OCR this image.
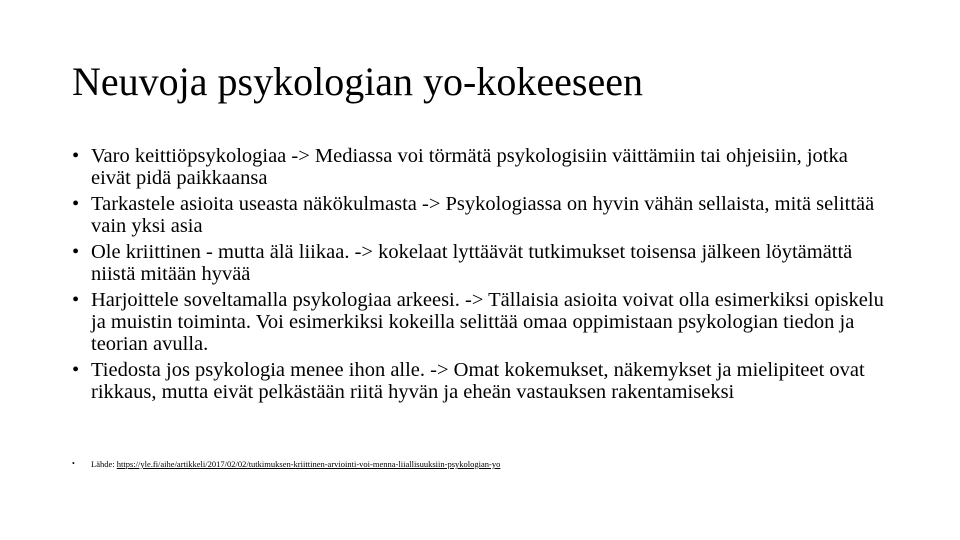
Neuvoja psykologian yo-kokeeseen
• Varo keittiöpsykologiaa -> Mediassa voi törmätä psykologisiin väittämiin tai ohjeisiin, jotka eivät pidä paikkaansa
• Tarkastele asioita useasta näkökulmasta -> Psykologiassa on hyvin vähän sellaista, mitä selittää vain yksi asia
• Ole kriittinen - mutta älä liikaa. -> kokelaat lyttäävät tutkimukset toisensa jälkeen löytämättä niistä mitään hyvää
• Harjoittele soveltamalla psykologiaa arkeesi. -> Tällaisia asioita voivat olla esimerkiksi opiskelu ja muistin toiminta. Voi esimerkiksi kokeilla selittää omaa oppimistaan psykologian tiedon ja teorian avulla.
• Tiedosta jos psykologia menee ihon alle. -> Omat kokemukset, näkemykset ja mielipiteet ovat rikkaus, mutta eivät pelkästään riitä hyvän ja eheän vastauksen rakentamiseksi
• Lähde: https://yle.fi/aihe/artikkeli/2017/02/02/tutkimuksen-kriittinen-arviointi-voi-menna-liiallisuuksiin-psykologian-yo
